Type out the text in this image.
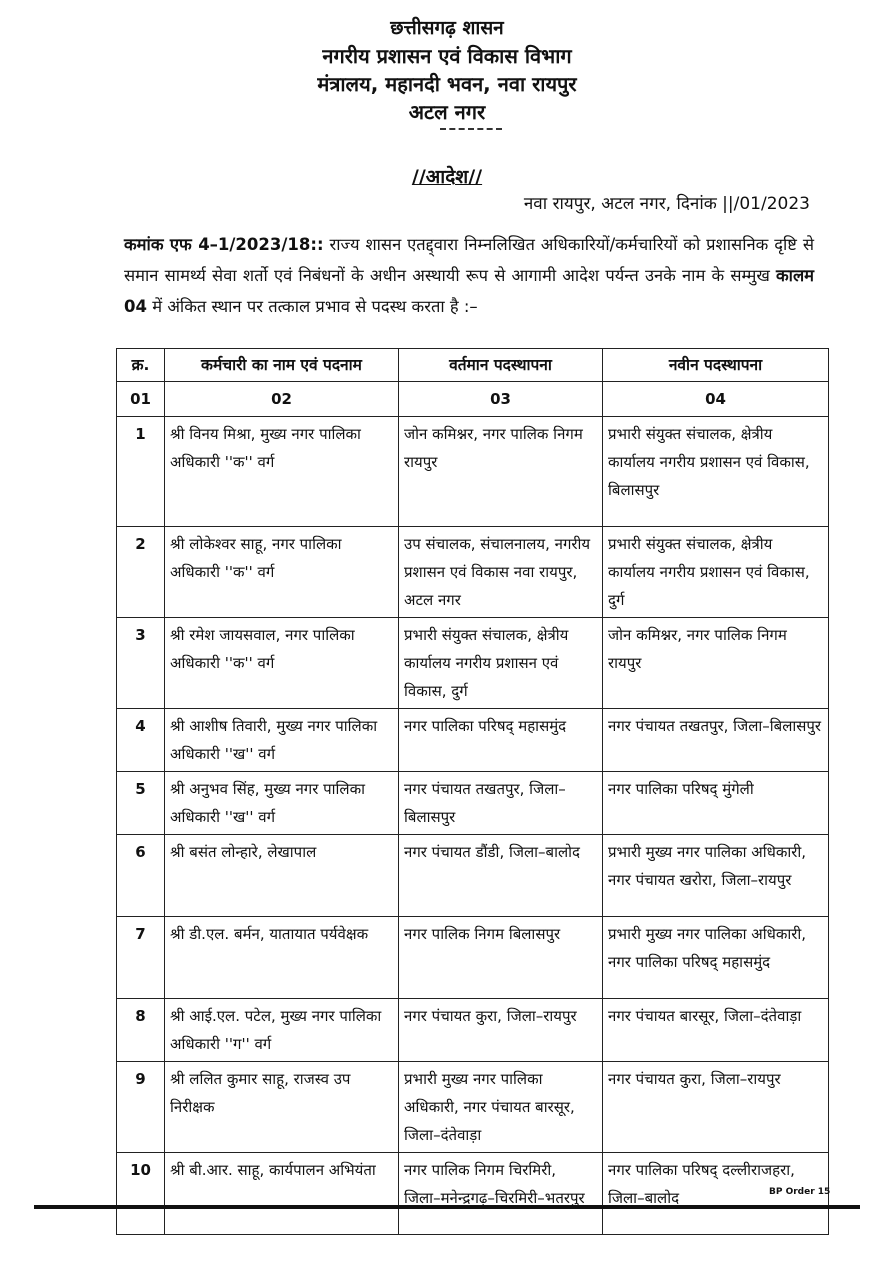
छत्तीसगढ़ शासन
नगरीय प्रशासन एवं विकास विभाग
मंत्रालय, महानदी भवन, नवा रायपुर
अटल नगर
//आदेश//
नवा रायपुर, अटल नगर, दिनांक ||/01/2023
कमांक एफ 4–1/2023/18:: राज्य शासन एतद्द्वारा निम्नलिखित अधिकारियों/कर्मचारियों को प्रशासनिक दृष्टि से समान सामर्थ्य सेवा शर्तो एवं निबंधनों के अधीन अस्थायी रूप से आगामी आदेश पर्यन्त उनके नाम के सम्मुख कालम 04 में अंकित स्थान पर तत्काल प्रभाव से पदस्थ करता है :–
क्र.	कर्मचारी का नाम एवं पदनाम	वर्तमान पदस्थापना	नवीन पदस्थापना
01	02	03	04
1	श्री विनय मिश्रा, मुख्य नगर पालिका अधिकारी ''क'' वर्ग	जोन कमिश्नर, नगर पालिक निगम रायपुर	प्रभारी संयुक्त संचालक, क्षेत्रीय कार्यालय नगरीय प्रशासन एवं विकास, बिलासपुर
2	श्री लोकेश्वर साहू, नगर पालिका अधिकारी ''क'' वर्ग	उप संचालक, संचालनालय, नगरीय प्रशासन एवं विकास नवा रायपुर, अटल नगर	प्रभारी संयुक्त संचालक, क्षेत्रीय कार्यालय नगरीय प्रशासन एवं विकास, दुर्ग
3	श्री रमेश जायसवाल, नगर पालिका अधिकारी ''क'' वर्ग	प्रभारी संयुक्त संचालक, क्षेत्रीय कार्यालय नगरीय प्रशासन एवं विकास, दुर्ग	जोन कमिश्नर, नगर पालिक निगम रायपुर
4	श्री आशीष तिवारी, मुख्य नगर पालिका अधिकारी ''ख'' वर्ग	नगर पालिका परिषद् महासमुंद	नगर पंचायत तखतपुर, जिला–बिलासपुर
5	श्री अनुभव सिंह, मुख्य नगर पालिका अधिकारी ''ख'' वर्ग	नगर पंचायत तखतपुर, जिला–बिलासपुर	नगर पालिका परिषद् मुंगेली
6	श्री बसंत लोन्हारे, लेखापाल	नगर पंचायत डौंडी, जिला–बालोद	प्रभारी मुख्य नगर पालिका अधिकारी, नगर पंचायत खरोरा, जिला–रायपुर
7	श्री डी.एल. बर्मन, यातायात पर्यवेक्षक	नगर पालिक निगम बिलासपुर	प्रभारी मुख्य नगर पालिका अधिकारी, नगर पालिका परिषद् महासमुंद
8	श्री आई.एल. पटेल, मुख्य नगर पालिका अधिकारी ''ग'' वर्ग	नगर पंचायत कुरा, जिला–रायपुर	नगर पंचायत बारसूर, जिला–दंतेवाड़ा
9	श्री ललित कुमार साहू, राजस्व उप निरीक्षक	प्रभारी मुख्य नगर पालिका अधिकारी, नगर पंचायत बारसूर, जिला–दंतेवाड़ा	नगर पंचायत कुरा, जिला–रायपुर
10	श्री बी.आर. साहू, कार्यपालन अभियंता	नगर पालिक निगम चिरमिरी, जिला–मनेन्द्रगढ़–चिरमिरी–भतरपुर	नगर पालिका परिषद् दल्लीराजहरा, जिला–बालोद	BP Order 15
